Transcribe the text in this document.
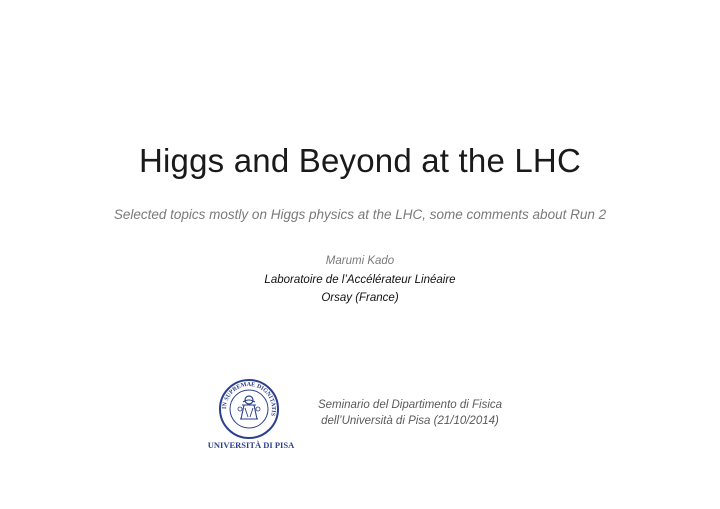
Higgs and Beyond at the LHC
Selected topics mostly on Higgs physics at the LHC, some comments about Run 2
Marumi Kado
Laboratoire de l’Accélérateur Linéaire
Orsay (France)
IN SUPREMAE DIGNITATIS
UNIVERSITÀ DI PISA
Seminario del Dipartimento di Fisica
dell’Università di Pisa (21/10/2014)
